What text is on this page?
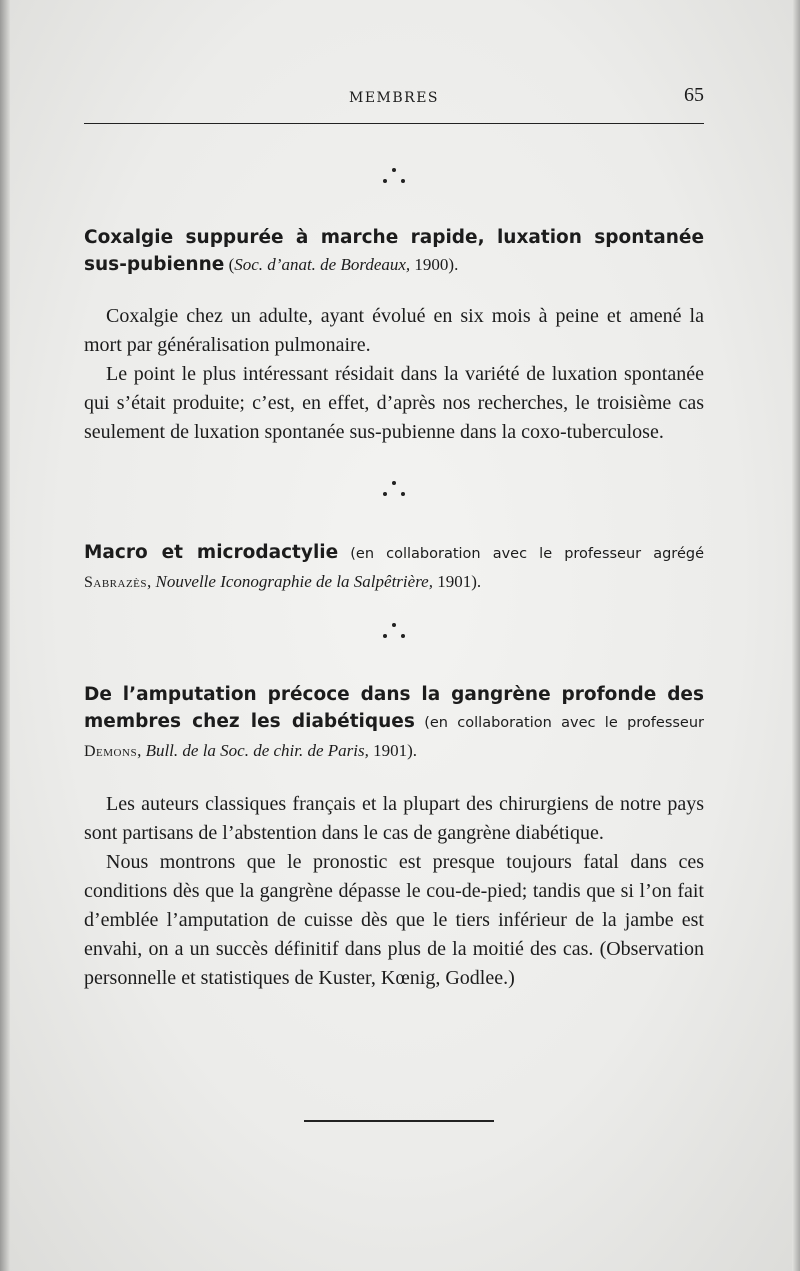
MEMBRES	65

Coxalgie suppurée à marche rapide, luxation spontanée sus-pubienne (Soc. d’anat. de Bordeaux, 1900).

Coxalgie chez un adulte, ayant évolué en six mois à peine et amené la mort par généralisation pulmonaire.

Le point le plus intéressant résidait dans la variété de luxation spontanée qui s’était produite; c’est, en effet, d’après nos recherches, le troisième cas seulement de luxation spontanée sus-pubienne dans la coxo-tuberculose.

Macro et microdactylie (en collaboration avec le professeur agrégé Sabrazès, Nouvelle Iconographie de la Salpêtrière, 1901).

De l’amputation précoce dans la gangrène profonde des membres chez les diabétiques (en collaboration avec le professeur Demons, Bull. de la Soc. de chir. de Paris, 1901).

Les auteurs classiques français et la plupart des chirurgiens de notre pays sont partisans de l’abstention dans le cas de gangrène diabétique.

Nous montrons que le pronostic est presque toujours fatal dans ces conditions dès que la gangrène dépasse le cou-de-pied; tandis que si l’on fait d’emblée l’amputation de cuisse dès que le tiers inférieur de la jambe est envahi, on a un succès définitif dans plus de la moitié des cas. (Observation personnelle et statistiques de Kuster, Kœnig, Godlee.)
